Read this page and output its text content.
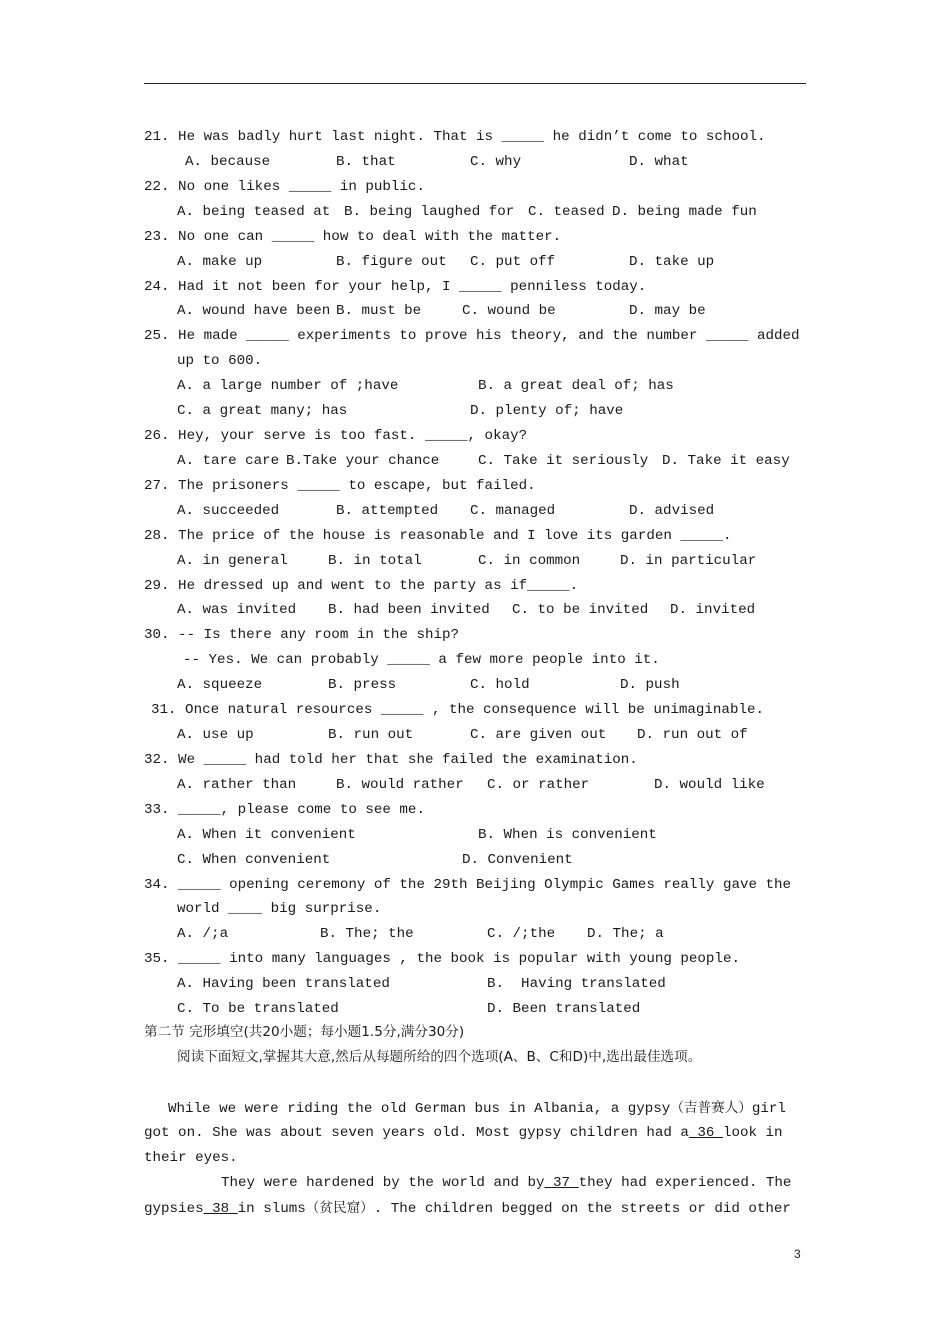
21. He was badly hurt last night. That is _____ he didn’t come to school.
A. because	B. that	C. why	D. what
22. No one likes _____ in public.
A. being teased at B. being laughed for C. teased D. being made fun
23. No one can _____ how to deal with the matter.
A. make up	B. figure out C. put off	D. take up
24. Had it not been for your help, I _____ penniless today.
A. wound have been B. must be	C. wound be	D. may be
25. He made _____ experiments to prove his theory, and the number _____ added
up to 600.
A. a large number of ;have	B. a great deal of; has
C. a great many; has	D. plenty of; have
26. Hey, your serve is too fast. _____, okay?
A. tare care B.Take your chance	C. Take it seriously D. Take it easy
27. The prisoners _____ to escape, but failed.
A. succeeded	B. attempted C. managed	D. advised
28. The price of the house is reasonable and I love its garden _____.
A. in general	B. in total	C. in common	D. in particular
29. He dressed up and went to the party as if_____.
A. was invited B. had been invited C. to be invited D. invited
30. -- Is there any room in the ship?
-- Yes. We can probably _____ a few more people into it.
A. squeeze	B. press	C. hold	D. push
31. Once natural resources _____ , the consequence will be unimaginable.
A. use up	B. run out	C. are given out D. run out of
32. We _____ had told her that she failed the examination.
A. rather than	B. would rather C. or rather	D. would like
33. _____, please come to see me.
A. When it convenient	B. When is convenient
C. When convenient	D. Convenient
34. _____ opening ceremony of the 29th Beijing Olympic Games really gave the
world ____ big surprise.
A. /;a	B. The; the	C. /;the D. The; a
35. _____ into many languages , the book is popular with young people.
A. Having been translated	B.  Having translated
C. To be translated	D. Been translated
第二节 完形填空(共20小题；每小题1.5分,满分30分)
阅读下面短文,掌握其大意,然后从每题所给的四个选项(A、B、C和D)中,选出最佳选项。
While we were riding the old German bus in Albania, a gypsy（吉普赛人）girl
got on. She was about seven years old. Most gypsy children had a_36_look in
their eyes.
They were hardened by the world and by_37_they had experienced. The
gypsies_38_in slums（贫民窟）. The children begged on the streets or did other
3
